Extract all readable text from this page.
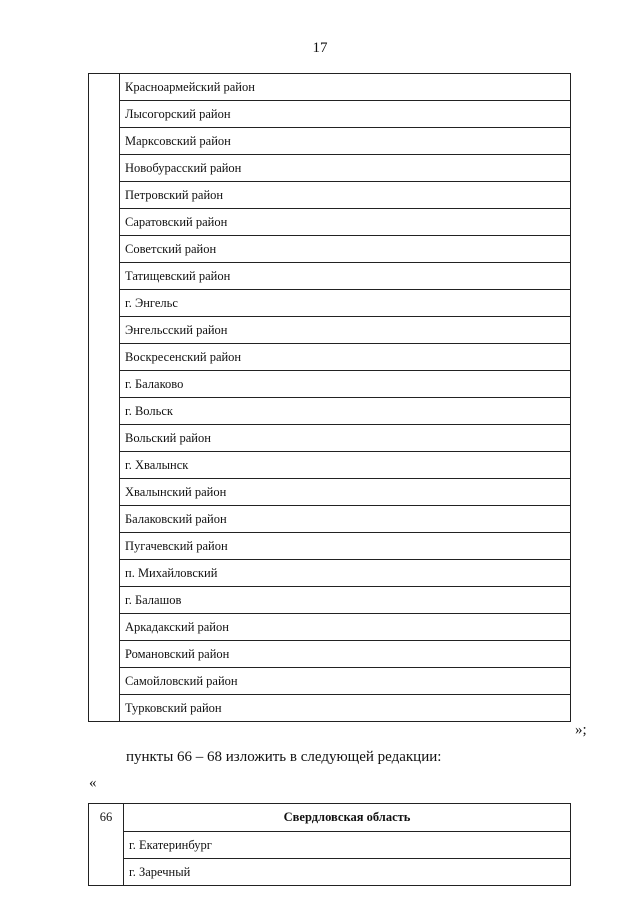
17
	Красноармейский район
Лысогорский район
Марксовский район
Новобурасский район
Петровский район
Саратовский район
Советский район
Татищевский район
г. Энгельс
Энгельсский район
Воскресенский район
г. Балаково
г. Вольск
Вольский район
г. Хвалынск
Хвалынский район
Балаковский район
Пугачевский район
п. Михайловский
г. Балашов
Аркадакский район
Романовский район
Самойловский район
Турковский район
»;
пункты 66 – 68 изложить в следующей редакции:
«
66	Свердловская область
г. Екатеринбург
г. Заречный
